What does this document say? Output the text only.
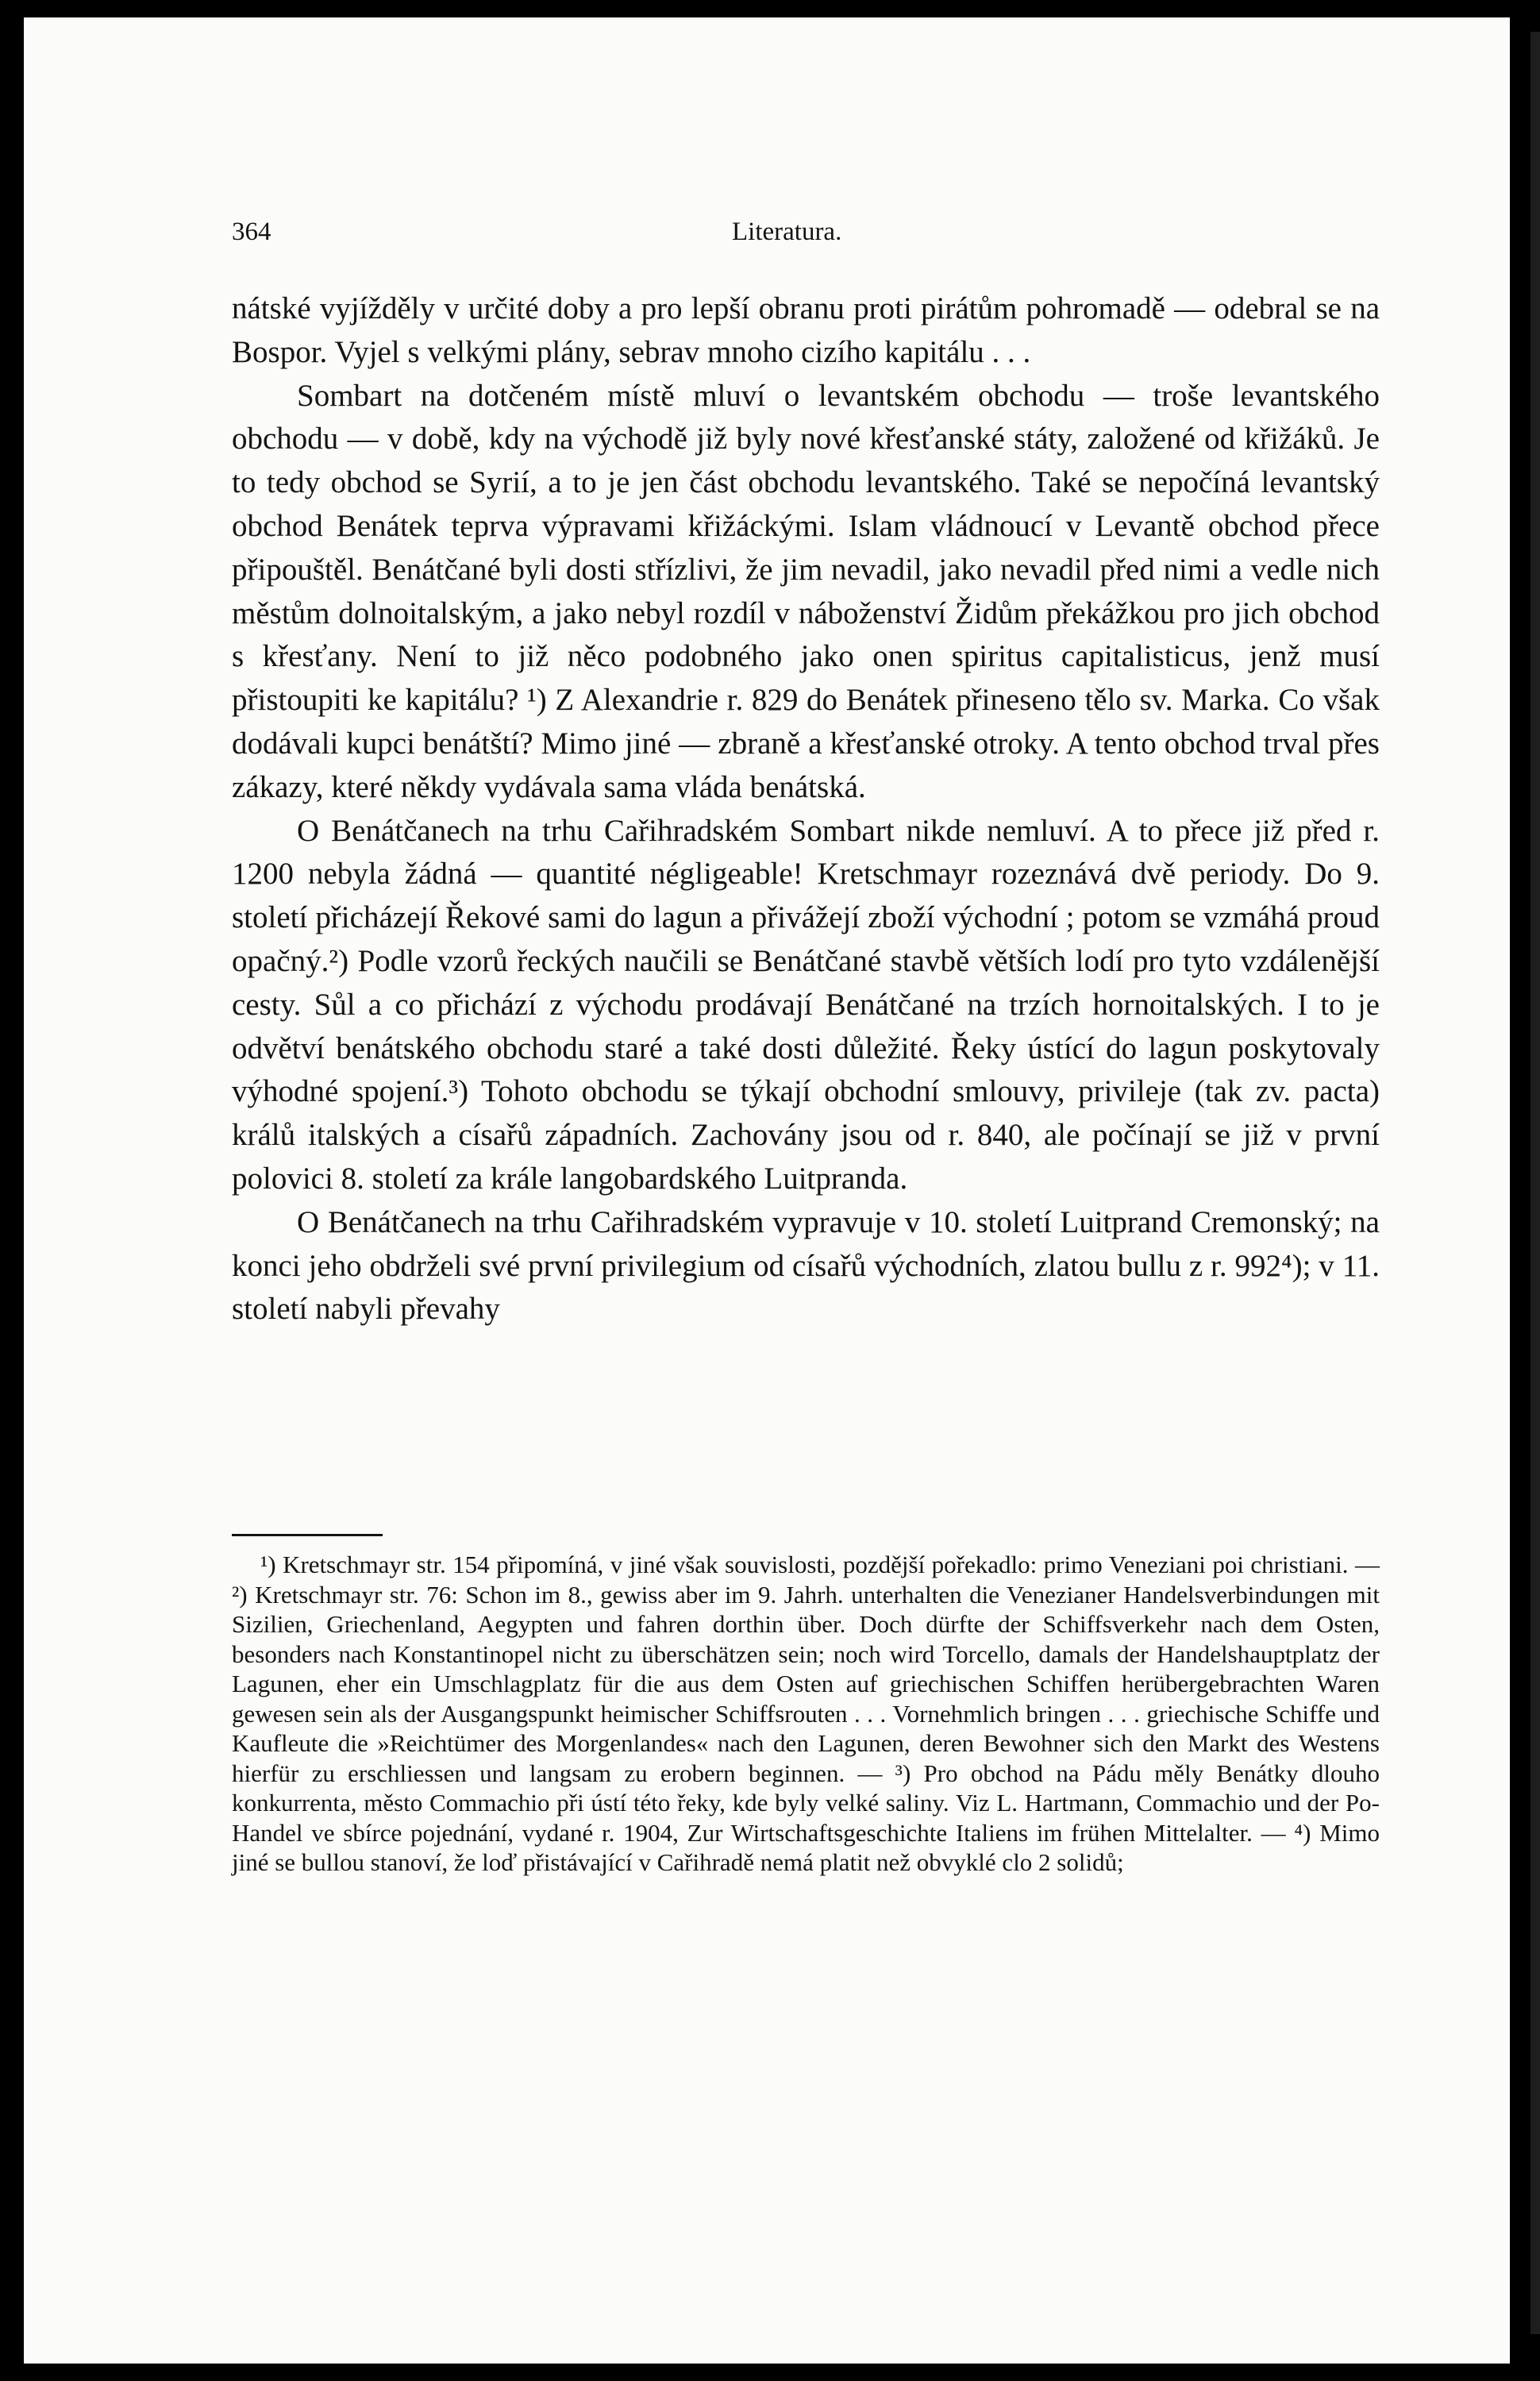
364	Literatura.

nátské vyjížděly v určité doby a pro lepší obranu proti pirátům pohromadě — odebral se na Bospor. Vyjel s velkými plány, sebrav mnoho cizího kapitálu . . .

Sombart na dotčeném místě mluví o levantském obchodu — troše levantského obchodu — v době, kdy na východě již byly nové křesťanské státy, založené od křižáků. Je to tedy obchod se Syrií, a to je jen část obchodu levantského. Také se nepočíná levantský obchod Benátek teprva výpravami křižáckými. Islam vládnoucí v Levantě obchod přece připouštěl. Benátčané byli dosti střízlivi, že jim nevadil, jako nevadil před nimi a vedle nich městům dolnoitalským, a jako nebyl rozdíl v náboženství Židům překážkou pro jich obchod s křesťany. Není to již něco podobného jako onen spiritus capitalisticus, jenž musí přistoupiti ke kapitálu? ¹) Z Alexandrie r. 829 do Benátek přineseno tělo sv. Marka. Co však dodávali kupci benátští? Mimo jiné — zbraně a křesťanské otroky. A tento obchod trval přes zákazy, které někdy vydávala sama vláda benátská.

O Benátčanech na trhu Cařihradském Sombart nikde nemluví. A to přece již před r. 1200 nebyla žádná — quantité négligeable! Kretschmayr rozeznává dvě periody. Do 9. století přicházejí Řekové sami do lagun a přivážejí zboží východní ; potom se vzmáhá proud opačný.²) Podle vzorů řeckých naučili se Benátčané stavbě větších lodí pro tyto vzdálenější cesty. Sůl a co přichází z východu prodávají Benátčané na trzích hornoitalských. I to je odvětví benátského obchodu staré a také dosti důležité. Řeky ústící do lagun poskytovaly výhodné spojení.³) Tohoto obchodu se týkají obchodní smlouvy, privileje (tak zv. pacta) králů italských a císařů západních. Zachovány jsou od r. 840, ale počínají se již v první polovici 8. století za krále langobardského Luitpranda.

O Benátčanech na trhu Cařihradském vypravuje v 10. století Luitprand Cremonský; na konci jeho obdrželi své první privilegium od císařů východních, zlatou bullu z r. 992⁴); v 11. století nabyli převahy

¹) Kretschmayr str. 154 připomíná, v jiné však souvislosti, pozdější pořekadlo: primo Veneziani poi christiani. — ²) Kretschmayr str. 76: Schon im 8., gewiss aber im 9. Jahrh. unterhalten die Venezianer Handelsverbindungen mit Sizilien, Griechenland, Aegypten und fahren dorthin über. Doch dürfte der Schiffsverkehr nach dem Osten, besonders nach Konstantinopel nicht zu überschätzen sein; noch wird Torcello, damals der Handelshauptplatz der Lagunen, eher ein Umschlagplatz für die aus dem Osten auf griechischen Schiffen herübergebrachten Waren gewesen sein als der Ausgangspunkt heimischer Schiffsrouten . . . Vornehmlich bringen . . . griechische Schiffe und Kaufleute die »Reichtümer des Morgenlandes« nach den Lagunen, deren Bewohner sich den Markt des Westens hierfür zu erschliessen und langsam zu erobern beginnen. — ³) Pro obchod na Pádu měly Benátky dlouho konkurrenta, město Commachio při ústí této řeky, kde byly velké saliny. Viz L. Hartmann, Commachio und der Po-Handel ve sbírce pojednání, vydané r. 1904, Zur Wirtschaftsgeschichte Italiens im frühen Mittelalter. — ⁴) Mimo jiné se bullou stanoví, že loď přistávající v Cařihradě nemá platit než obvyklé clo 2 solidů;
